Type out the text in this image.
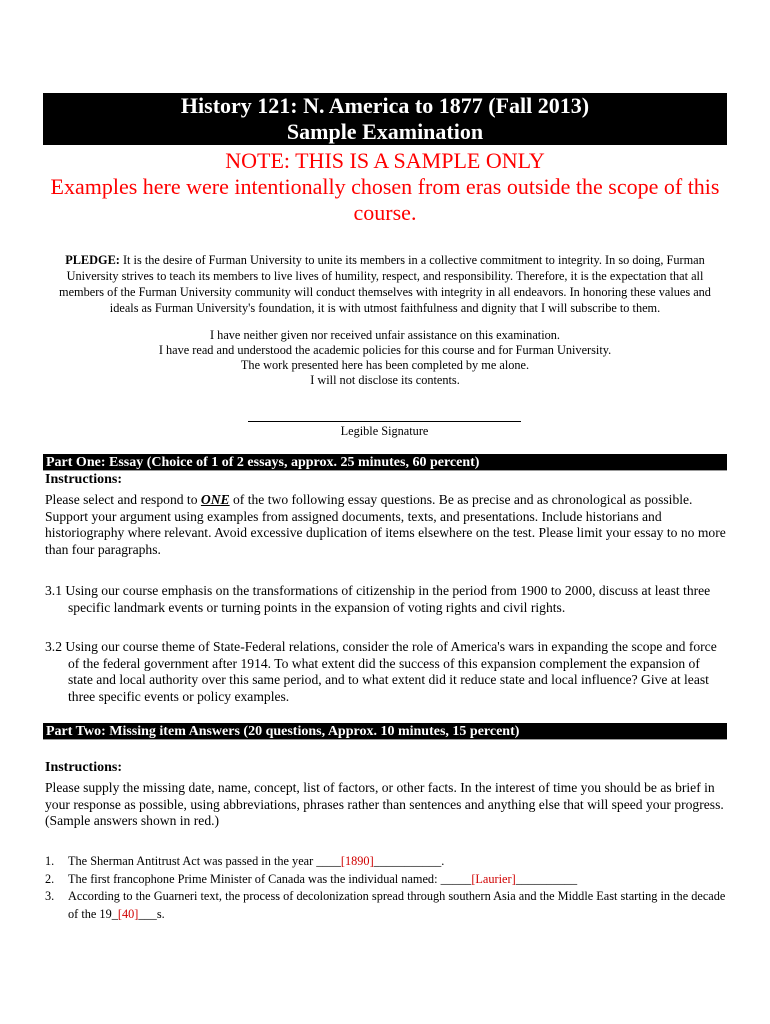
History 121: N. America to 1877 (Fall 2013)
Sample Examination
NOTE: THIS IS A SAMPLE ONLY
Examples here were intentionally chosen from eras outside the scope of this course.
PLEDGE: It is the desire of Furman University to unite its members in a collective commitment to integrity. In so doing, Furman University strives to teach its members to live lives of humility, respect, and responsibility. Therefore, it is the expectation that all members of the Furman University community will conduct themselves with integrity in all endeavors. In honoring these values and ideals as Furman University's foundation, it is with utmost faithfulness and dignity that I will subscribe to them.
I have neither given nor received unfair assistance on this examination.
I have read and understood the academic policies for this course and for Furman University.
The work presented here has been completed by me alone.
I will not disclose its contents.
Legible Signature
Part One: Essay (Choice of 1 of 2 essays, approx. 25 minutes, 60 percent)
Instructions:
Please select and respond to ONE of the two following essay questions. Be as precise and as chronological as possible. Support your argument using examples from assigned documents, texts, and presentations. Include historians and historiography where relevant. Avoid excessive duplication of items elsewhere on the test. Please limit your essay to no more than four paragraphs.
3.1 Using our course emphasis on the transformations of citizenship in the period from 1900 to 2000, discuss at least three specific landmark events or turning points in the expansion of voting rights and civil rights.
3.2 Using our course theme of State-Federal relations, consider the role of America's wars in expanding the scope and force of the federal government after 1914. To what extent did the success of this expansion complement the expansion of state and local authority over this same period, and to what extent did it reduce state and local influence? Give at least three specific events or policy examples.
Part Two: Missing item Answers (20 questions, Approx. 10 minutes, 15 percent)
Instructions:
Please supply the missing date, name, concept, list of factors, or other facts. In the interest of time you should be as brief in your response as possible, using abbreviations, phrases rather than sentences and anything else that will speed your progress. (Sample answers shown in red.)
1. The Sherman Antitrust Act was passed in the year ____[1890]___________.
2. The first francophone Prime Minister of Canada was the individual named: _____[Laurier]__________
3. According to the Guarneri text, the process of decolonization spread through southern Asia and the Middle East starting in the decade of the 19_[40]___s.
